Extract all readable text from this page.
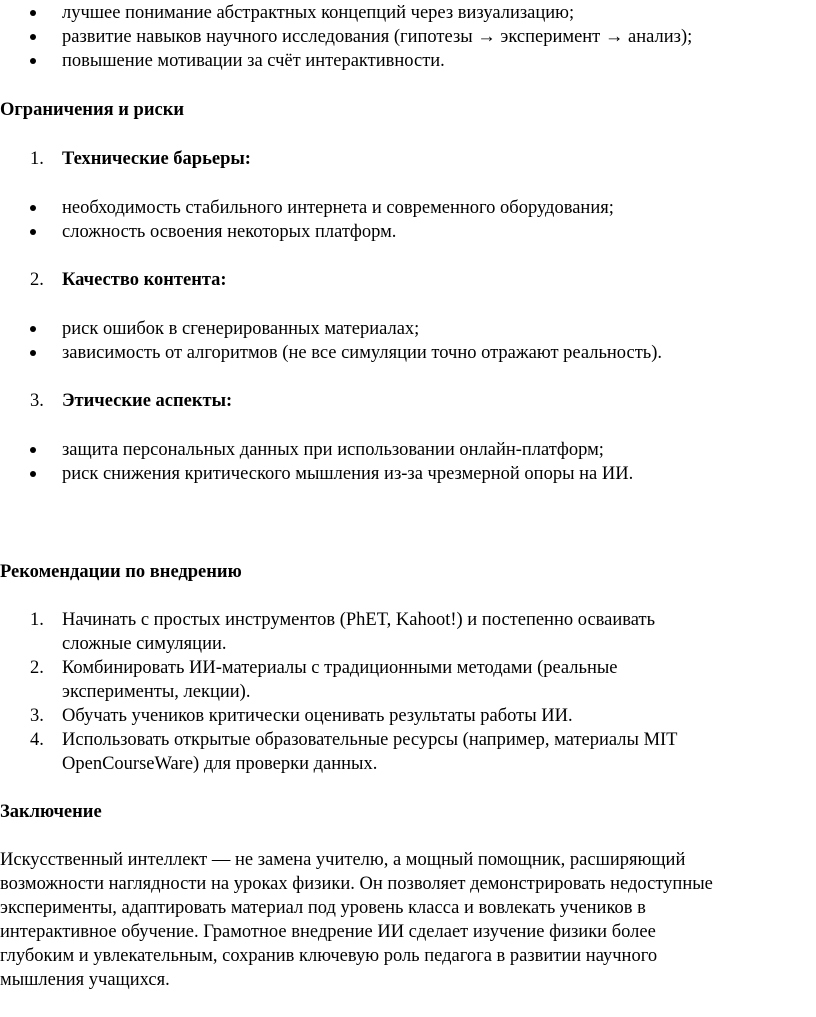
лучшее понимание абстрактных концепций через визуализацию;
развитие навыков научного исследования (гипотезы → эксперимент → анализ);
повышение мотивации за счёт интерактивности.
Ограничения и риски
1. Технические барьеры:
необходимость стабильного интернета и современного оборудования;
сложность освоения некоторых платформ.
2. Качество контента:
риск ошибок в сгенерированных материалах;
зависимость от алгоритмов (не все симуляции точно отражают реальность).
3. Этические аспекты:
защита персональных данных при использовании онлайн-платформ;
риск снижения критического мышления из-за чрезмерной опоры на ИИ.
Рекомендации по внедрению
1. Начинать с простых инструментов (PhET, Kahoot!) и постепенно осваивать
сложные симуляции.
2. Комбинировать ИИ-материалы с традиционными методами (реальные
эксперименты, лекции).
3. Обучать учеников критически оценивать результаты работы ИИ.
4. Использовать открытые образовательные ресурсы (например, материалы MIT
OpenCourseWare) для проверки данных.
Заключение
Искусственный интеллект — не замена учителю, а мощный помощник, расширяющий
возможности наглядности на уроках физики. Он позволяет демонстрировать недоступные
эксперименты, адаптировать материал под уровень класса и вовлекать учеников в
интерактивное обучение. Грамотное внедрение ИИ сделает изучение физики более
глубоким и увлекательным, сохранив ключевую роль педагога в развитии научного
мышления учащихся.
